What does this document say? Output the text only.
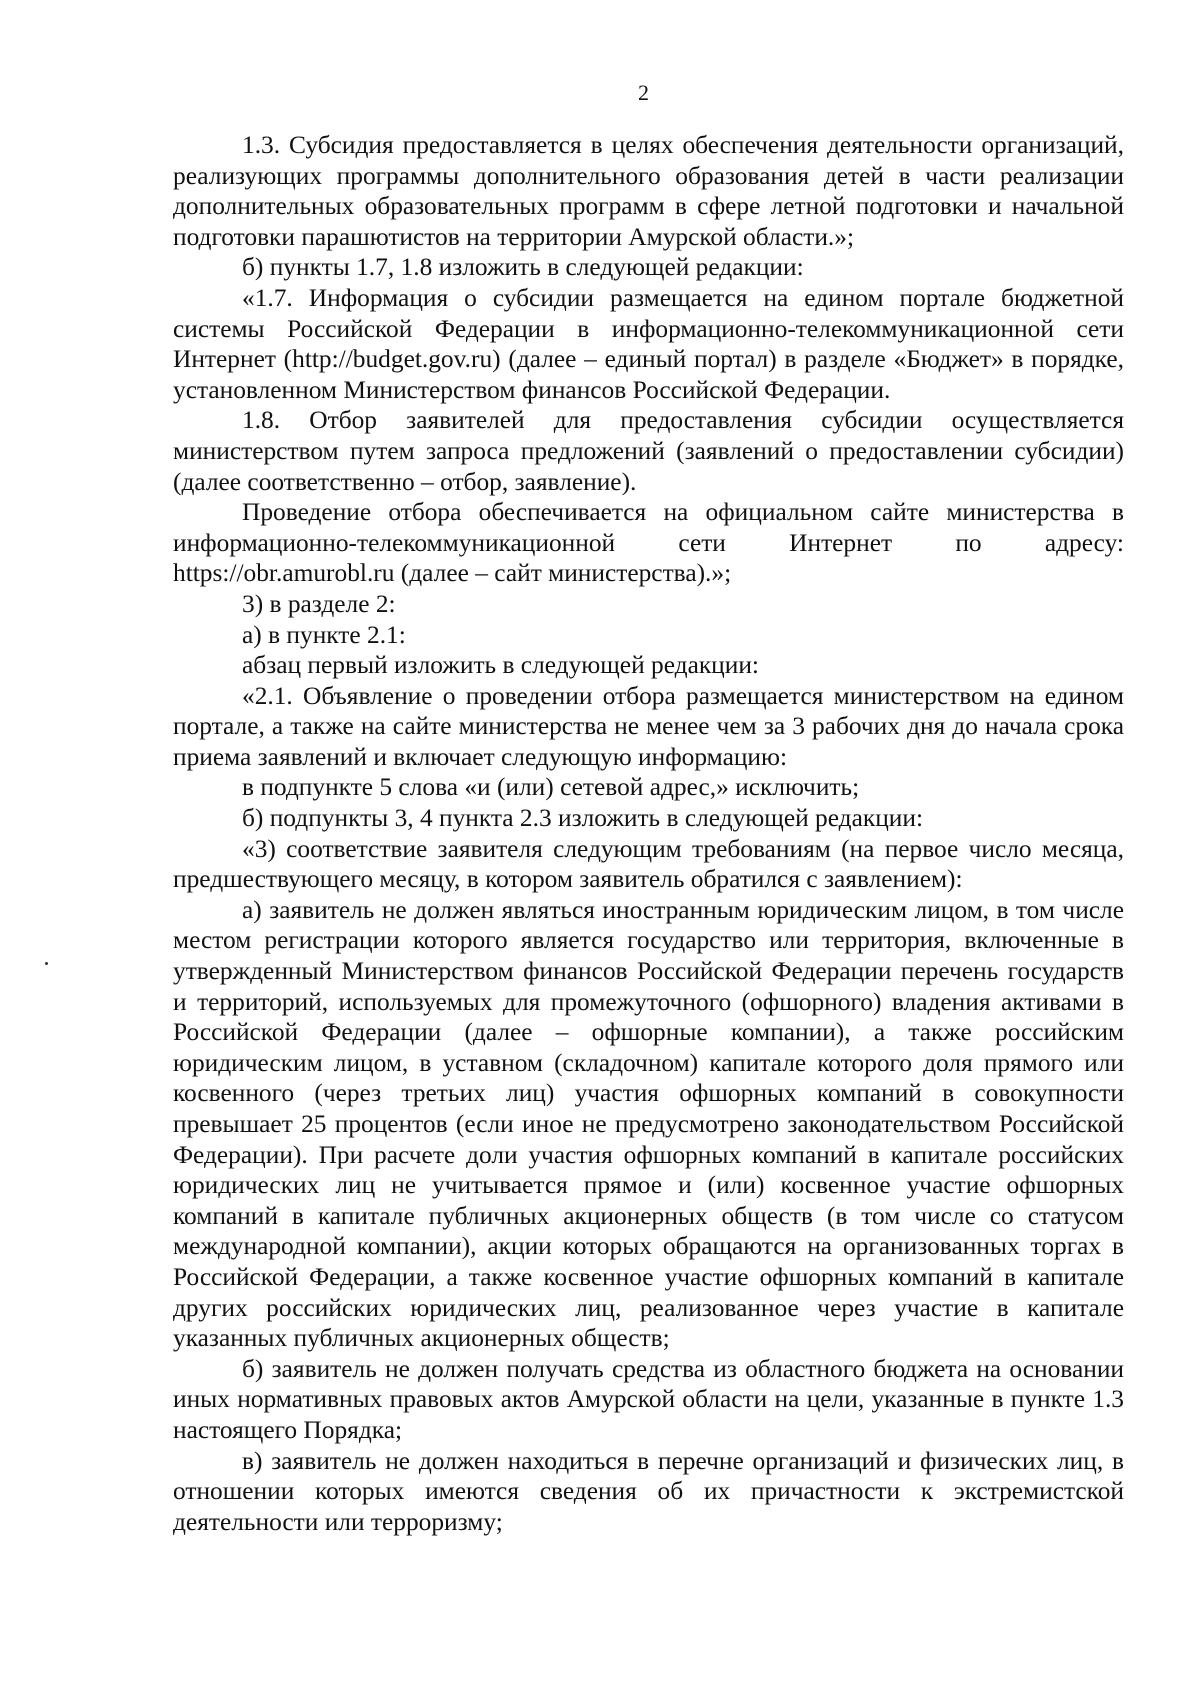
2

1.3. Субсидия предоставляется в целях обеспечения деятельности организаций, реализующих программы дополнительного образования детей в части реализации дополнительных образовательных программ в сфере летной подготовки и начальной подготовки парашютистов на территории Амурской области.»;

б) пункты 1.7, 1.8 изложить в следующей редакции:

«1.7. Информация о субсидии размещается на едином портале бюджетной системы Российской Федерации в информационно-телекоммуникационной сети Интернет (http://budget.gov.ru) (далее – единый портал) в разделе «Бюджет» в порядке, установленном Министерством финансов Российской Федерации.

1.8. Отбор заявителей для предоставления субсидии осуществляется министерством путем запроса предложений (заявлений о предоставлении субсидии) (далее соответственно – отбор, заявление).

Проведение отбора обеспечивается на официальном сайте министерства в информационно-телекоммуникационной сети Интернет по адресу: https://obr.amurobl.ru (далее – сайт министерства).»;

3) в разделе 2:

а) в пункте 2.1:

абзац первый изложить в следующей редакции:

«2.1. Объявление о проведении отбора размещается министерством на едином портале, а также на сайте министерства не менее чем за 3 рабочих дня до начала срока приема заявлений и включает следующую информацию:

в подпункте 5 слова «и (или) сетевой адрес,» исключить;

б) подпункты 3, 4 пункта 2.3 изложить в следующей редакции:

«3) соответствие заявителя следующим требованиям (на первое число месяца, предшествующего месяцу, в котором заявитель обратился с заявлением):

а) заявитель не должен являться иностранным юридическим лицом, в том числе местом регистрации которого является государство или территория, включенные в утвержденный Министерством финансов Российской Федерации перечень государств и территорий, используемых для промежуточного (офшорного) владения активами в Российской Федерации (далее – офшорные компании), а также российским юридическим лицом, в уставном (складочном) капитале которого доля прямого или косвенного (через третьих лиц) участия офшорных компаний в совокупности превышает 25 процентов (если иное не предусмотрено законодательством Российской Федерации). При расчете доли участия офшорных компаний в капитале российских юридических лиц не учитывается прямое и (или) косвенное участие офшорных компаний в капитале публичных акционерных обществ (в том числе со статусом международной компании), акции которых обращаются на организованных торгах в Российской Федерации, а также косвенное участие офшорных компаний в капитале других российских юридических лиц, реализованное через участие в капитале указанных публичных акционерных обществ;

б) заявитель не должен получать средства из областного бюджета на основании иных нормативных правовых актов Амурской области на цели, указанные в пункте 1.3 настоящего Порядка;

в) заявитель не должен находиться в перечне организаций и физических лиц, в отношении которых имеются сведения об их причастности к экстремистской деятельности или терроризму;
